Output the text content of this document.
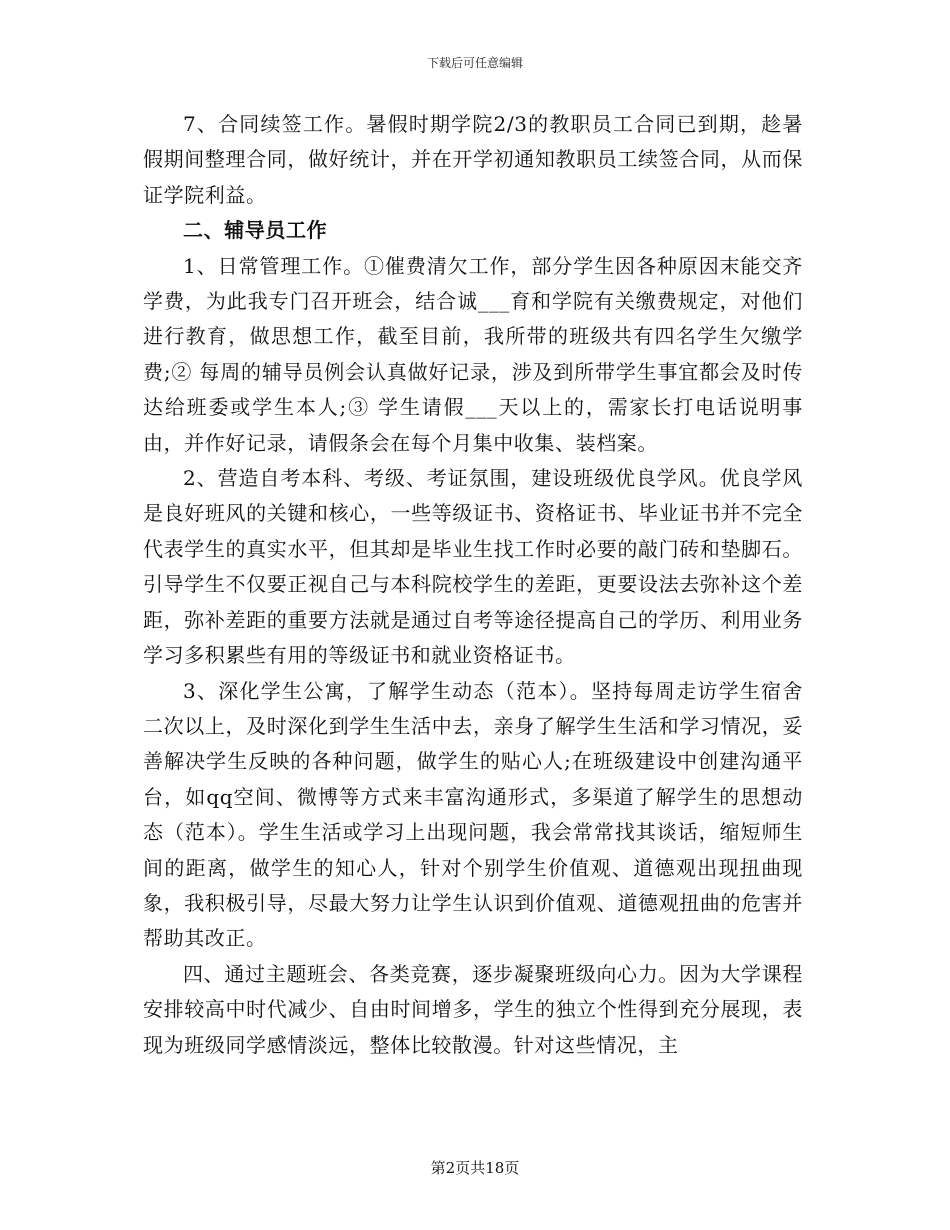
下载后可任意编辑

7、合同续签工作。暑假时期学院2/3的教职员工合同已到期，趁暑假期间整理合同，做好统计，并在开学初通知教职员工续签合同，从而保证学院利益。

二、辅导员工作

1、日常管理工作。①催费清欠工作，部分学生因各种原因末能交齐学费，为此我专门召开班会，结合诚___育和学院有关缴费规定，对他们进行教育，做思想工作，截至目前，我所带的班级共有四名学生欠缴学费;② 每周的辅导员例会认真做好记录，涉及到所带学生事宜都会及时传达给班委或学生本人;③ 学生请假___天以上的，需家长打电话说明事由，并作好记录，请假条会在每个月集中收集、装档案。

2、营造自考本科、考级、考证氛围，建设班级优良学风。优良学风是良好班风的关键和核心，一些等级证书、资格证书、毕业证书并不完全代表学生的真实水平，但其却是毕业生找工作时必要的敲门砖和垫脚石。引导学生不仅要正视自己与本科院校学生的差距，更要设法去弥补这个差距，弥补差距的重要方法就是通过自考等途径提高自己的学历、利用业务学习多积累些有用的等级证书和就业资格证书。

3、深化学生公寓，了解学生动态（范本）。坚持每周走访学生宿舍二次以上，及时深化到学生生活中去，亲身了解学生生活和学习情况，妥善解决学生反映的各种问题，做学生的贴心人;在班级建设中创建沟通平台，如qq空间、微博等方式来丰富沟通形式，多渠道了解学生的思想动态（范本）。学生生活或学习上出现问题，我会常常找其谈话，缩短师生间的距离，做学生的知心人，针对个别学生价值观、道德观出现扭曲现象，我积极引导，尽最大努力让学生认识到价值观、道德观扭曲的危害并帮助其改正。

四、通过主题班会、各类竞赛，逐步凝聚班级向心力。因为大学课程安排较高中时代减少、自由时间增多，学生的独立个性得到充分展现，表现为班级同学感情淡远，整体比较散漫。针对这些情况，主

第2页共18页
